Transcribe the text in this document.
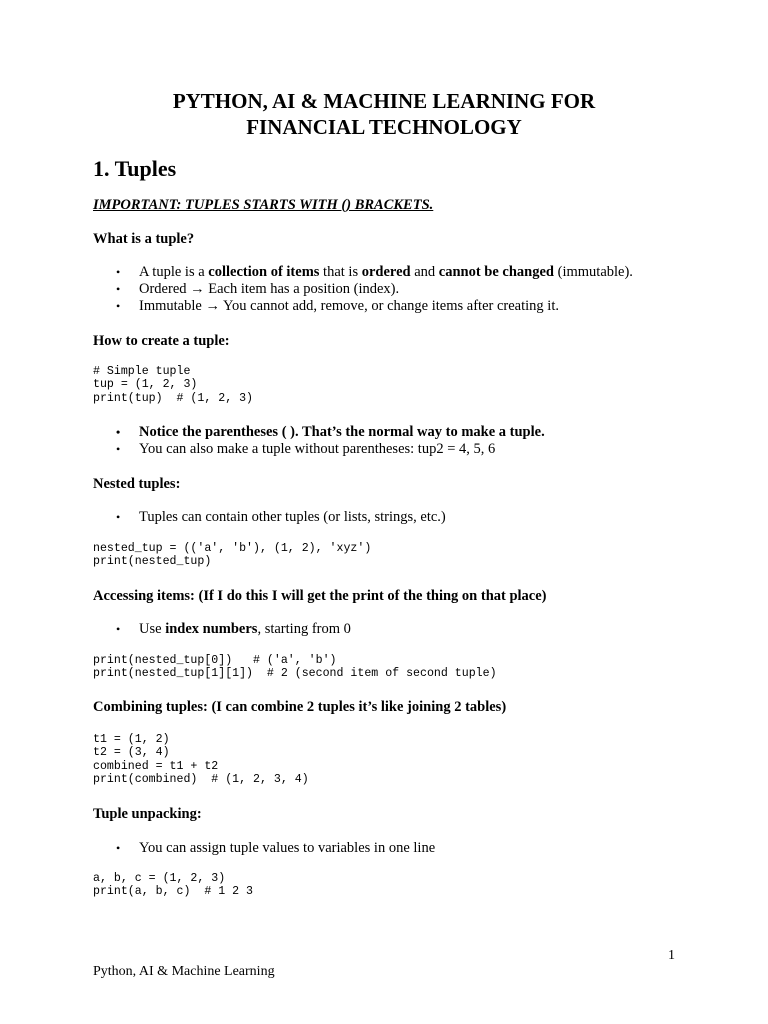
PYTHON, AI & MACHINE LEARNING FOR
FINANCIAL TECHNOLOGY
1. Tuples
IMPORTANT: TUPLES STARTS WITH () BRACKETS.
What is a tuple?
• A tuple is a collection of items that is ordered and cannot be changed (immutable).
• Ordered → Each item has a position (index).
• Immutable → You cannot add, remove, or change items after creating it.
How to create a tuple:
# Simple tuple
tup = (1, 2, 3)
print(tup)  # (1, 2, 3)
• Notice the parentheses ( ). That’s the normal way to make a tuple.
• You can also make a tuple without parentheses: tup2 = 4, 5, 6
Nested tuples:
• Tuples can contain other tuples (or lists, strings, etc.)
nested_tup = (('a', 'b'), (1, 2), 'xyz')
print(nested_tup)
Accessing items: (If I do this I will get the print of the thing on that place)
• Use index numbers, starting from 0
print(nested_tup[0])   # ('a', 'b')
print(nested_tup[1][1])  # 2 (second item of second tuple)
Combining tuples: (I can combine 2 tuples it’s like joining 2 tables)
t1 = (1, 2)
t2 = (3, 4)
combined = t1 + t2
print(combined)  # (1, 2, 3, 4)
Tuple unpacking:
• You can assign tuple values to variables in one line
a, b, c = (1, 2, 3)
print(a, b, c)  # 1 2 3
1
Python, AI & Machine Learning
